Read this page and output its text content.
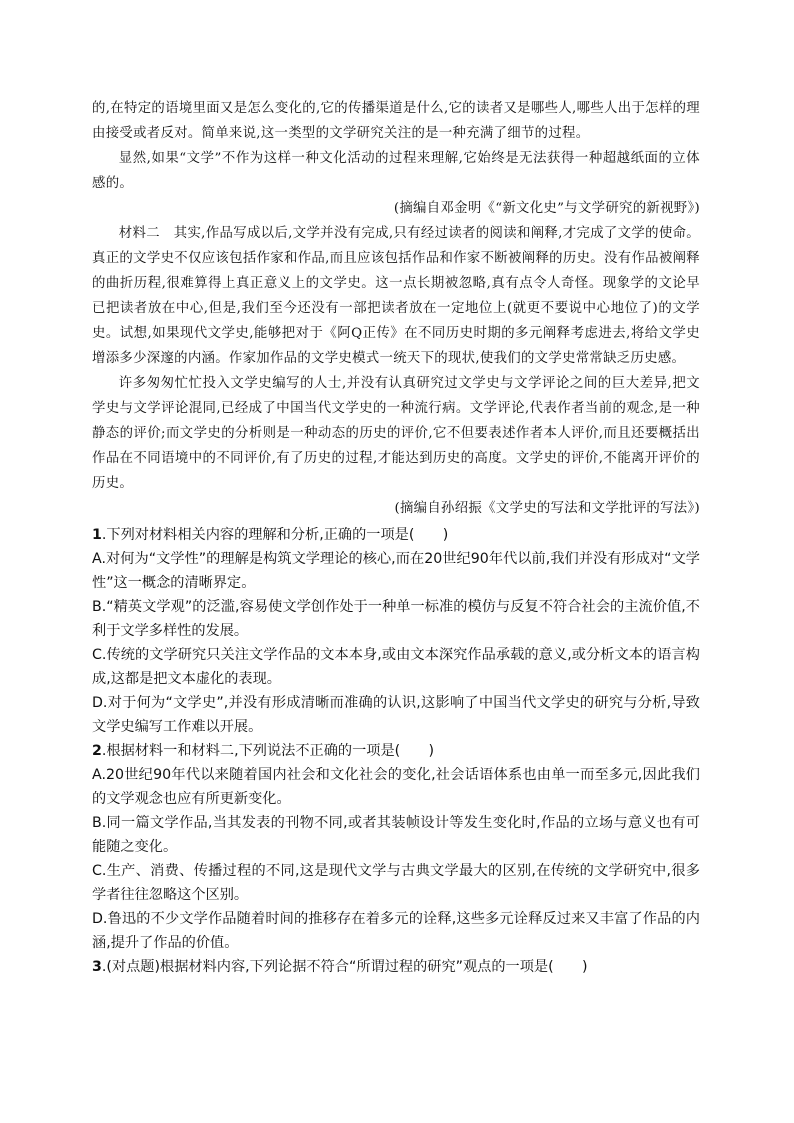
的,在特定的语境里面又是怎么变化的,它的传播渠道是什么,它的读者又是哪些人,哪些人出于怎样的理由接受或者反对。简单来说,这一类型的文学研究关注的是一种充满了细节的过程。

显然,如果“文学”不作为这样一种文化活动的过程来理解,它始终是无法获得一种超越纸面的立体感的。

(摘编自邓金明《“新文化史”与文学研究的新视野》)

材料二　其实,作品写成以后,文学并没有完成,只有经过读者的阅读和阐释,才完成了文学的使命。真正的文学史不仅应该包括作家和作品,而且应该包括作品和作家不断被阐释的历史。没有作品被阐释的曲折历程,很难算得上真正意义上的文学史。这一点长期被忽略,真有点令人奇怪。现象学的文论早已把读者放在中心,但是,我们至今还没有一部把读者放在一定地位上(就更不要说中心地位了)的文学史。试想,如果现代文学史,能够把对于《阿Q正传》在不同历史时期的多元阐释考虑进去,将给文学史增添多少深邃的内涵。作家加作品的文学史模式一统天下的现状,使我们的文学史常常缺乏历史感。

许多匆匆忙忙投入文学史编写的人士,并没有认真研究过文学史与文学评论之间的巨大差异,把文学史与文学评论混同,已经成了中国当代文学史的一种流行病。文学评论,代表作者当前的观念,是一种静态的评价;而文学史的分析则是一种动态的历史的评价,它不但要表述作者本人评价,而且还要概括出作品在不同语境中的不同评价,有了历史的过程,才能达到历史的高度。文学史的评价,不能离开评价的历史。

(摘编自孙绍振《文学史的写法和文学批评的写法》)

1.下列对材料相关内容的理解和分析,正确的一项是(　　)

A.对何为“文学性”的理解是构筑文学理论的核心,而在20世纪90年代以前,我们并没有形成对“文学性”这一概念的清晰界定。

B.“精英文学观”的泛滥,容易使文学创作处于一种单一标准的模仿与反复不符合社会的主流价值,不利于文学多样性的发展。

C.传统的文学研究只关注文学作品的文本本身,或由文本深究作品承载的意义,或分析文本的语言构成,这都是把文本虚化的表现。

D.对于何为“文学史”,并没有形成清晰而准确的认识,这影响了中国当代文学史的研究与分析,导致文学史编写工作难以开展。

2.根据材料一和材料二,下列说法不正确的一项是(　　)

A.20世纪90年代以来随着国内社会和文化社会的变化,社会话语体系也由单一而至多元,因此我们的文学观念也应有所更新变化。

B.同一篇文学作品,当其发表的刊物不同,或者其装帧设计等发生变化时,作品的立场与意义也有可能随之变化。

C.生产、消费、传播过程的不同,这是现代文学与古典文学最大的区别,在传统的文学研究中,很多学者往往忽略这个区别。

D.鲁迅的不少文学作品随着时间的推移存在着多元的诠释,这些多元诠释反过来又丰富了作品的内涵,提升了作品的价值。

3.(对点题)根据材料内容,下列论据不符合“所谓过程的研究”观点的一项是(　　)
